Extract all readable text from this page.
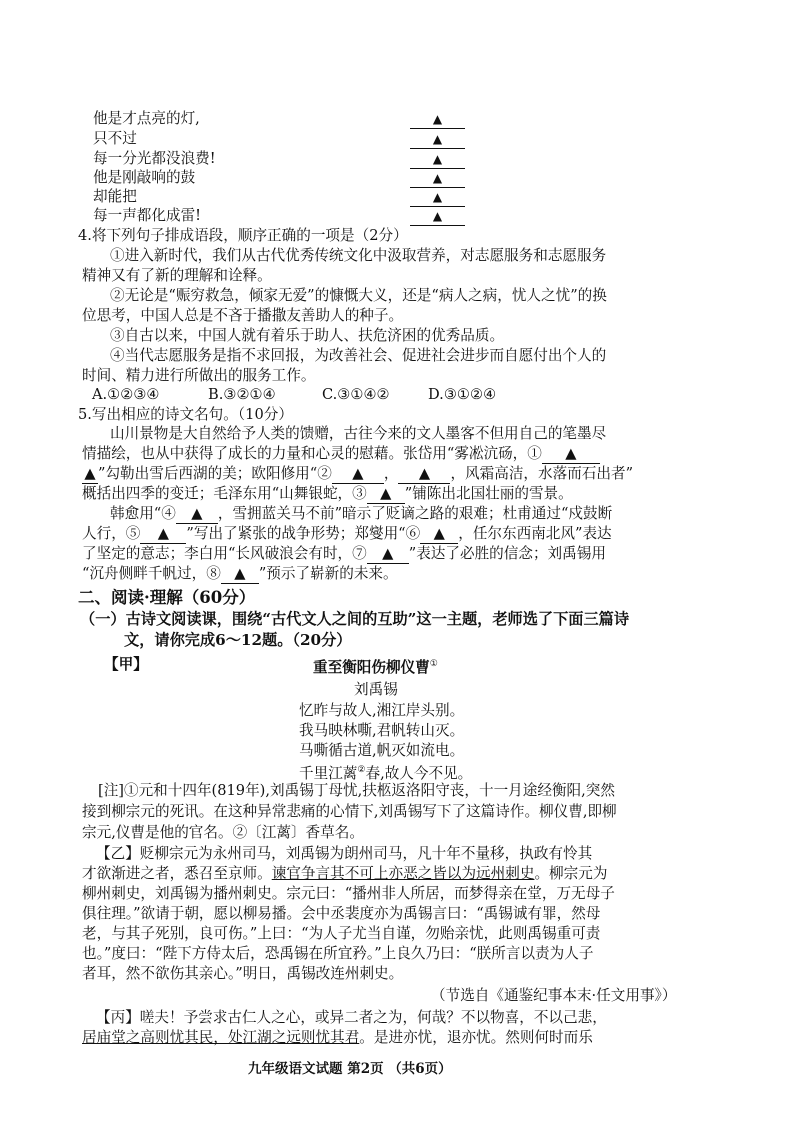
他是才点亮的灯,	▲
只不过	▲
每一分光都没浪费!	▲
他是刚敲响的鼓	▲
却能把	▲
每一声都化成雷!	▲
4.将下列句子排成语段，顺序正确的一项是（2分）
①进入新时代，我们从古代优秀传统文化中汲取营养，对志愿服务和志愿服务
精神又有了新的理解和诠释。
②无论是“赈穷救急，倾家无爱”的慷慨大义，还是“病人之病，忧人之忧”的换
位思考，中国人总是不吝于播撒友善助人的种子。
③自古以来，中国人就有着乐于助人、扶危济困的优秀品质。
④当代志愿服务是指不求回报，为改善社会、促进社会进步而自愿付出个人的
时间、精力进行所做出的服务工作。
A.①②③④	B.③②①④	C.③①④②	D.③①②④
5.写出相应的诗文名句。（10分）
山川景物是大自然给予人类的馈赠，古往今来的文人墨客不但用自己的笔墨尽
情描绘，也从中获得了成长的力量和心灵的慰藉。张岱用“雾凇沆砀，① ▲
▲ ”勾勒出雪后西湖的美；欧阳修用“② ▲ ， ▲ ，风霜高洁，水落而石出者”
概括出四季的变迁；毛泽东用“山舞银蛇，③ ▲ ”铺陈出北国壮丽的雪景。
韩愈用“④ ▲ ，雪拥蓝关马不前”暗示了贬谪之路的艰难；杜甫通过“戍鼓断
人行，⑤ ▲ ”写出了紧张的战争形势；郑燮用“⑥ ▲ ，任尔东西南北风”表达
了坚定的意志；李白用“长风破浪会有时，⑦ ▲ ”表达了必胜的信念；刘禹锡用
“沉舟侧畔千帆过，⑧ ▲ ”预示了崭新的未来。
二、阅读·理解（60分）
（一）古诗文阅读课，围绕“古代文人之间的互助”这一主题，老师选了下面三篇诗
文，请你完成6～12题。（20分）
【甲】	重至衡阳伤柳仪曹①
刘禹锡
忆昨与故人,湘江岸头别。
我马映林嘶,君帆转山灭。
马嘶循古道,帆灭如流电。
千里江蓠②春,故人今不见。
[注]①元和十四年(819年),刘禹锡丁母忧,扶柩返洛阳守丧，十一月途经衡阳,突然
接到柳宗元的死讯。在这种异常悲痛的心情下,刘禹锡写下了这篇诗作。柳仪曹,即柳
宗元,仪曹是他的官名。②〔江蓠〕香草名。
【乙】贬柳宗元为永州司马，刘禹锡为朗州司马，凡十年不量移，执政有怜其
才欲渐进之者，悉召至京师。谏官争言其不可上亦恶之皆以为远州刺史。柳宗元为
柳州刺史，刘禹锡为播州刺史。宗元曰：“播州非人所居，而梦得亲在堂，万无母子
俱往理。”欲请于朝，愿以柳易播。会中丞裴度亦为禹锡言曰：“禹锡诚有罪，然母
老，与其子死别，良可伤。”上曰：“为人子尤当自谨，勿贻亲忧，此则禹锡重可责
也。”度曰：“陛下方侍太后，恐禹锡在所宜矜。”上良久乃曰：“朕所言以责为人子
者耳，然不欲伤其亲心。”明日，禹锡改连州刺史。
（节选自《通鉴纪事本末·任文用事》）
【丙】嗟夫！予尝求古仁人之心，或异二者之为，何哉？不以物喜，不以己悲，
居庙堂之高则忧其民，处江湖之远则忧其君。是进亦忧，退亦忧。然则何时而乐
九年级语文试题 第2页 （共6页）
